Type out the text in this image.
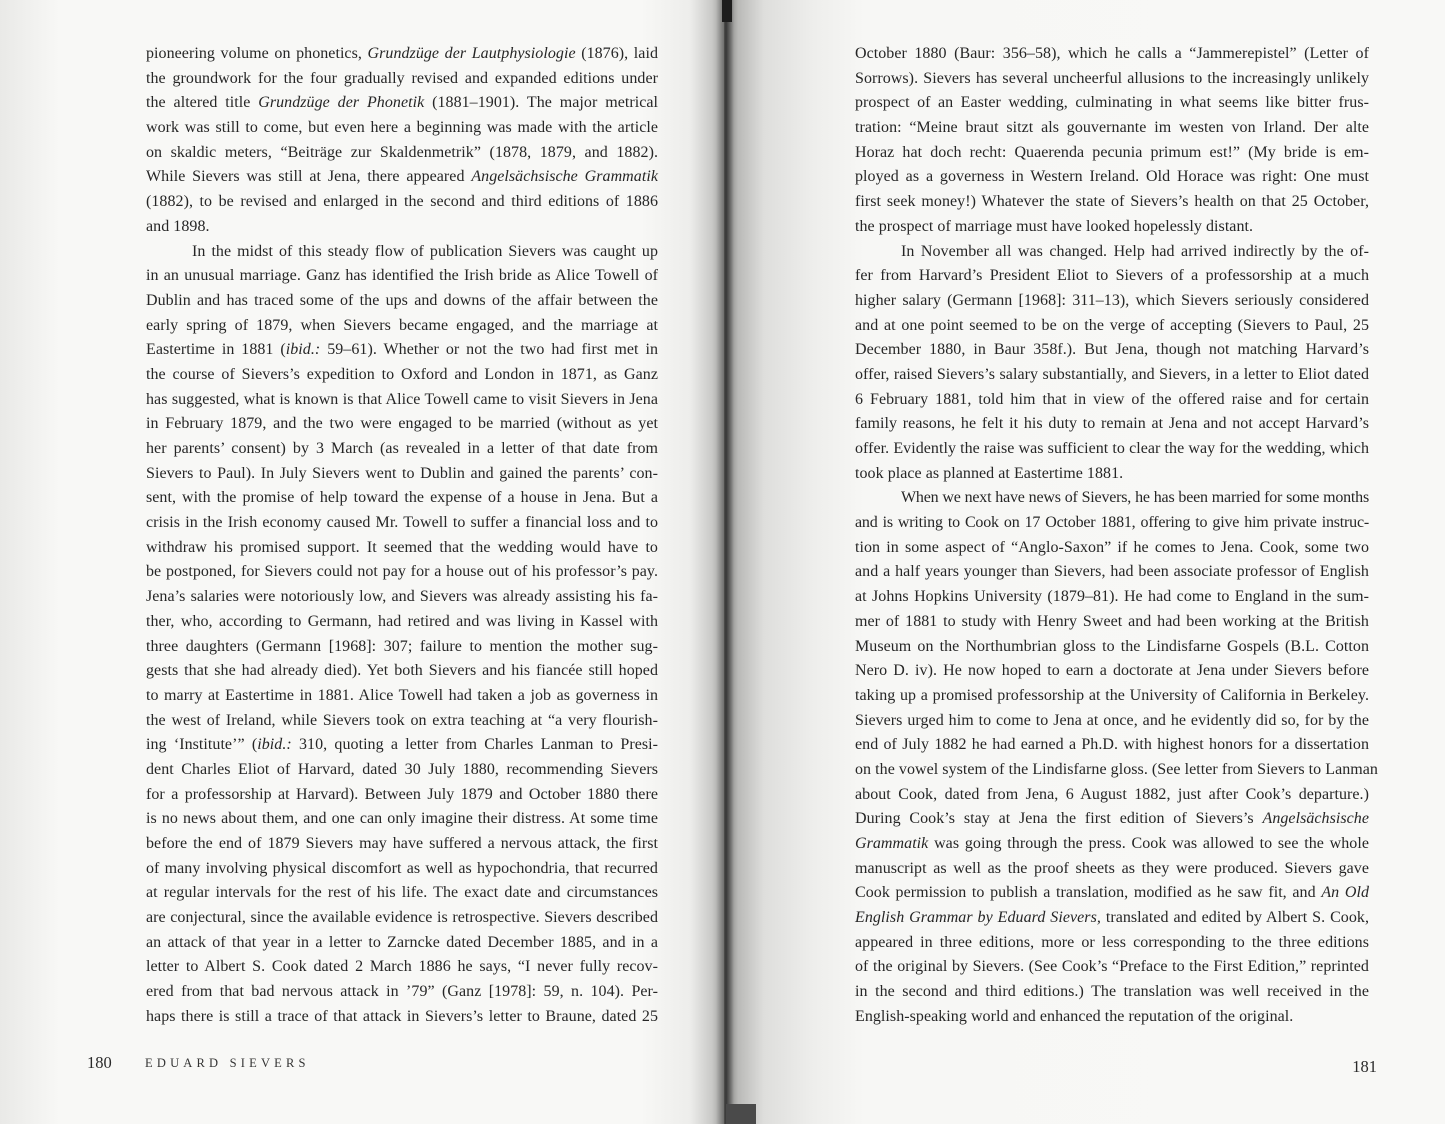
pioneering volume on phonetics, Grundzüge der Lautphysiologie (1876), laid
the groundwork for the four gradually revised and expanded editions under
the altered title Grundzüge der Phonetik (1881–1901). The major metrical
work was still to come, but even here a beginning was made with the article
on skaldic meters, “Beiträge zur Skaldenmetrik” (1878, 1879, and 1882).
While Sievers was still at Jena, there appeared Angelsächsische Grammatik
(1882), to be revised and enlarged in the second and third editions of 1886
and 1898.
In the midst of this steady flow of publication Sievers was caught up
in an unusual marriage. Ganz has identified the Irish bride as Alice Towell of
Dublin and has traced some of the ups and downs of the affair between the
early spring of 1879, when Sievers became engaged, and the marriage at
Eastertime in 1881 (ibid.: 59–61). Whether or not the two had first met in
the course of Sievers’s expedition to Oxford and London in 1871, as Ganz
has suggested, what is known is that Alice Towell came to visit Sievers in Jena
in February 1879, and the two were engaged to be married (without as yet
her parents’ consent) by 3 March (as revealed in a letter of that date from
Sievers to Paul). In July Sievers went to Dublin and gained the parents’ con-
sent, with the promise of help toward the expense of a house in Jena. But a
crisis in the Irish economy caused Mr. Towell to suffer a financial loss and to
withdraw his promised support. It seemed that the wedding would have to
be postponed, for Sievers could not pay for a house out of his professor’s pay.
Jena’s salaries were notoriously low, and Sievers was already assisting his fa-
ther, who, according to Germann, had retired and was living in Kassel with
three daughters (Germann [1968]: 307; failure to mention the mother sug-
gests that she had already died). Yet both Sievers and his fiancée still hoped
to marry at Eastertime in 1881. Alice Towell had taken a job as governess in
the west of Ireland, while Sievers took on extra teaching at “a very flourish-
ing ‘Institute’” (ibid.: 310, quoting a letter from Charles Lanman to Presi-
dent Charles Eliot of Harvard, dated 30 July 1880, recommending Sievers
for a professorship at Harvard). Between July 1879 and October 1880 there
is no news about them, and one can only imagine their distress. At some time
before the end of 1879 Sievers may have suffered a nervous attack, the first
of many involving physical discomfort as well as hypochondria, that recurred
at regular intervals for the rest of his life. The exact date and circumstances
are conjectural, since the available evidence is retrospective. Sievers described
an attack of that year in a letter to Zarncke dated December 1885, and in a
letter to Albert S. Cook dated 2 March 1886 he says, “I never fully recov-
ered from that bad nervous attack in ’79” (Ganz [1978]: 59, n. 104). Per-
haps there is still a trace of that attack in Sievers’s letter to Braune, dated 25
180	EDUARD SIEVERS
October 1880 (Baur: 356–58), which he calls a “Jammerepistel” (Letter of
Sorrows). Sievers has several uncheerful allusions to the increasingly unlikely
prospect of an Easter wedding, culminating in what seems like bitter frus-
tration: “Meine braut sitzt als gouvernante im westen von Irland. Der alte
Horaz hat doch recht: Quaerenda pecunia primum est!” (My bride is em-
ployed as a governess in Western Ireland. Old Horace was right: One must
first seek money!) Whatever the state of Sievers’s health on that 25 October,
the prospect of marriage must have looked hopelessly distant.
In November all was changed. Help had arrived indirectly by the of-
fer from Harvard’s President Eliot to Sievers of a professorship at a much
higher salary (Germann [1968]: 311–13), which Sievers seriously considered
and at one point seemed to be on the verge of accepting (Sievers to Paul, 25
December 1880, in Baur 358f.). But Jena, though not matching Harvard’s
offer, raised Sievers’s salary substantially, and Sievers, in a letter to Eliot dated
6 February 1881, told him that in view of the offered raise and for certain
family reasons, he felt it his duty to remain at Jena and not accept Harvard’s
offer. Evidently the raise was sufficient to clear the way for the wedding, which
took place as planned at Eastertime 1881.
When we next have news of Sievers, he has been married for some months
and is writing to Cook on 17 October 1881, offering to give him private instruc-
tion in some aspect of “Anglo-Saxon” if he comes to Jena. Cook, some two
and a half years younger than Sievers, had been associate professor of English
at Johns Hopkins University (1879–81). He had come to England in the sum-
mer of 1881 to study with Henry Sweet and had been working at the British
Museum on the Northumbrian gloss to the Lindisfarne Gospels (B.L. Cotton
Nero D. iv). He now hoped to earn a doctorate at Jena under Sievers before
taking up a promised professorship at the University of California in Berkeley.
Sievers urged him to come to Jena at once, and he evidently did so, for by the
end of July 1882 he had earned a Ph.D. with highest honors for a dissertation
on the vowel system of the Lindisfarne gloss. (See letter from Sievers to Lanman
about Cook, dated from Jena, 6 August 1882, just after Cook’s departure.)
During Cook’s stay at Jena the first edition of Sievers’s Angelsächsische
Grammatik was going through the press. Cook was allowed to see the whole
manuscript as well as the proof sheets as they were produced. Sievers gave
Cook permission to publish a translation, modified as he saw fit, and An Old
English Grammar by Eduard Sievers, translated and edited by Albert S. Cook,
appeared in three editions, more or less corresponding to the three editions
of the original by Sievers. (See Cook’s “Preface to the First Edition,” reprinted
in the second and third editions.) The translation was well received in the
English-speaking world and enhanced the reputation of the original.
181
